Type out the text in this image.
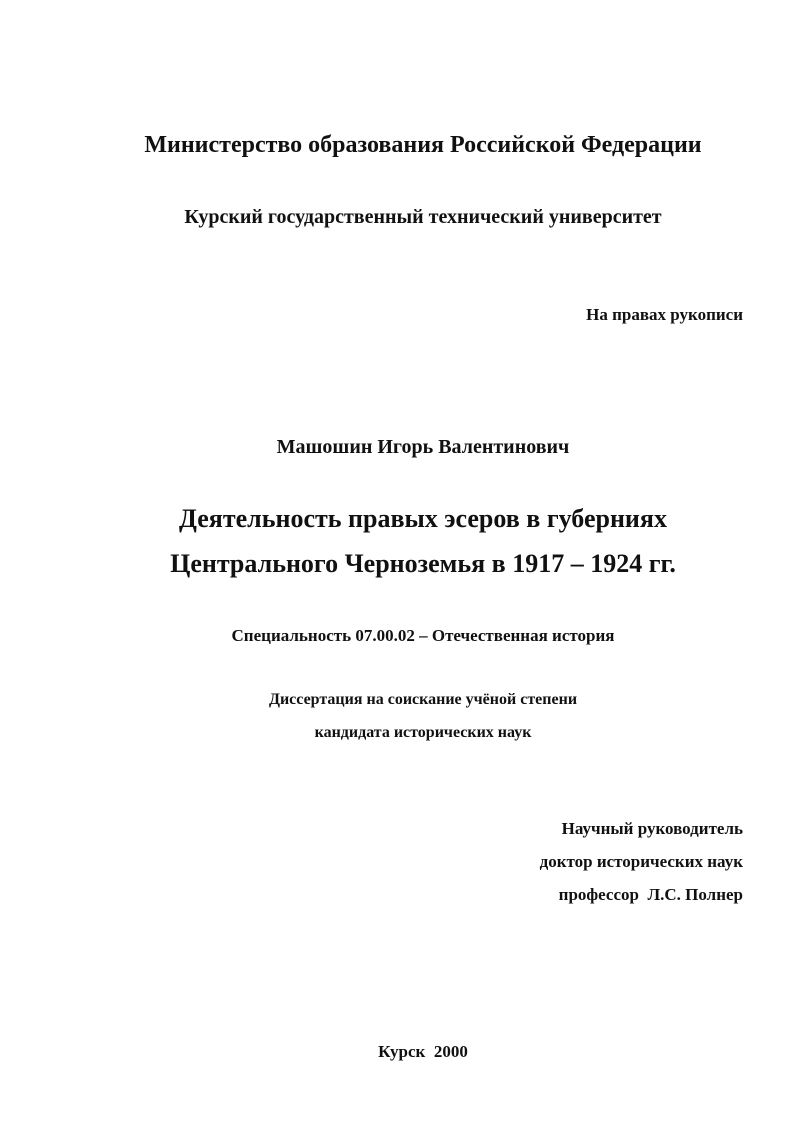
Министерство образования Российской Федерации
Курский государственный технический университет
На правах рукописи
Машошин Игорь Валентинович
Деятельность правых эсеров в губерниях
Центрального Черноземья в 1917 – 1924 гг.
Специальность 07.00.02 – Отечественная история
Диссертация на соискание учёной степени
кандидата исторических наук
Научный руководитель
доктор исторических наук
профессор  Л.С. Полнер
Курск  2000
